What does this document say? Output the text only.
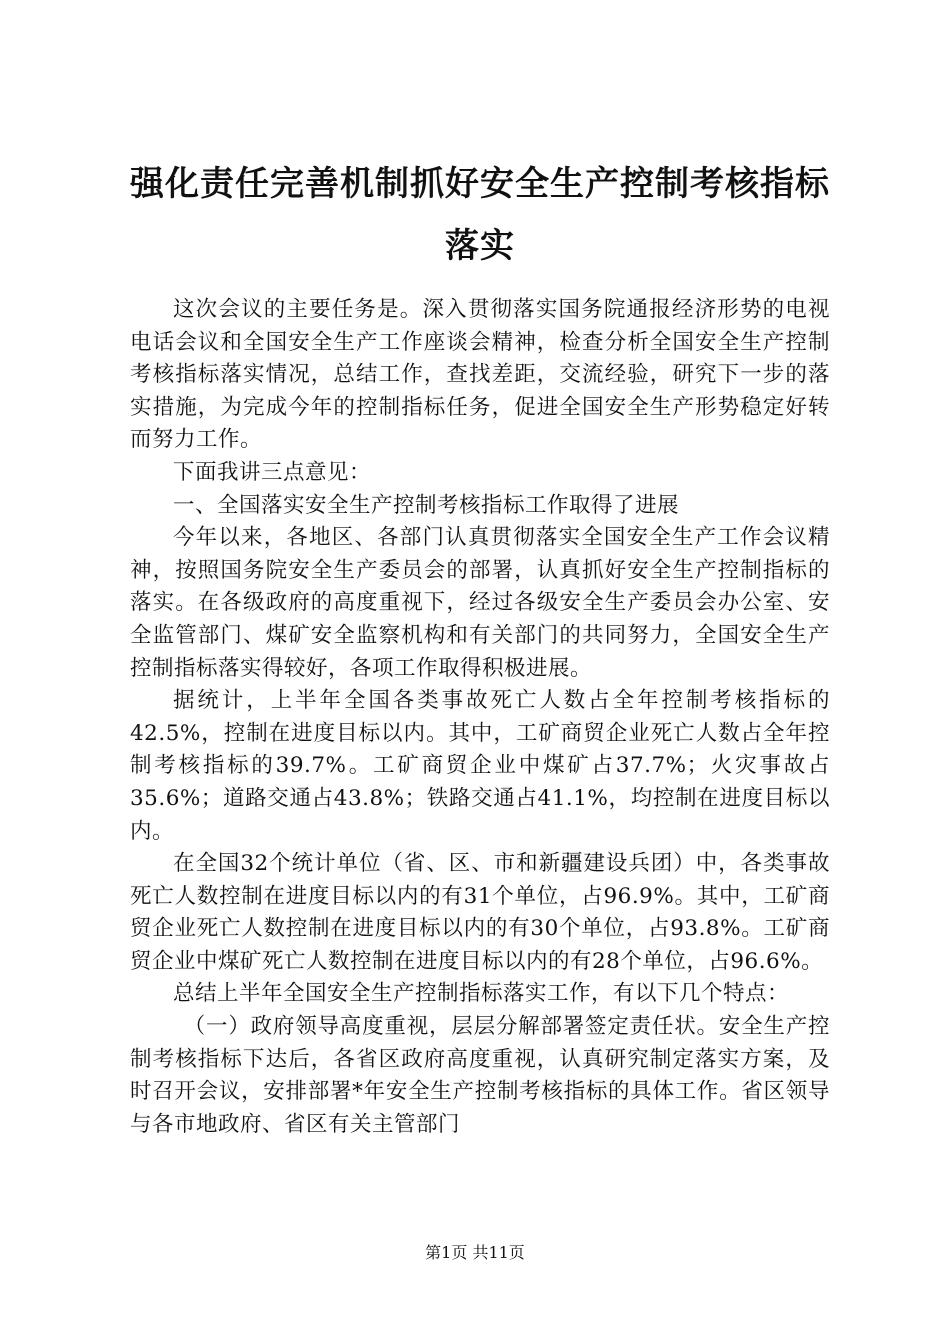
强化责任完善机制抓好安全生产控制考核指标
落实

这次会议的主要任务是。深入贯彻落实国务院通报经济形势的电视电话会议和全国安全生产工作座谈会精神，检查分析全国安全生产控制考核指标落实情况，总结工作，查找差距，交流经验，研究下一步的落实措施，为完成今年的控制指标任务，促进全国安全生产形势稳定好转而努力工作。

下面我讲三点意见：

一、全国落实安全生产控制考核指标工作取得了进展

今年以来，各地区、各部门认真贯彻落实全国安全生产工作会议精神，按照国务院安全生产委员会的部署，认真抓好安全生产控制指标的落实。在各级政府的高度重视下，经过各级安全生产委员会办公室、安全监管部门、煤矿安全监察机构和有关部门的共同努力，全国安全生产控制指标落实得较好，各项工作取得积极进展。

据统计，上半年全国各类事故死亡人数占全年控制考核指标的42.5%，控制在进度目标以内。其中，工矿商贸企业死亡人数占全年控制考核指标的39.7%。工矿商贸企业中煤矿占37.7%；火灾事故占35.6%；道路交通占43.8%；铁路交通占41.1%，均控制在进度目标以内。

在全国32个统计单位（省、区、市和新疆建设兵团）中，各类事故死亡人数控制在进度目标以内的有31个单位，占96.9%。其中，工矿商贸企业死亡人数控制在进度目标以内的有30个单位，占93.8%。工矿商贸企业中煤矿死亡人数控制在进度目标以内的有28个单位，占96.6%。

总结上半年全国安全生产控制指标落实工作，有以下几个特点：

（一）政府领导高度重视，层层分解部署签定责任状。安全生产控制考核指标下达后，各省区政府高度重视，认真研究制定落实方案，及时召开会议，安排部署*年安全生产控制考核指标的具体工作。省区领导与各市地政府、省区有关主管部门

第1页 共11页
